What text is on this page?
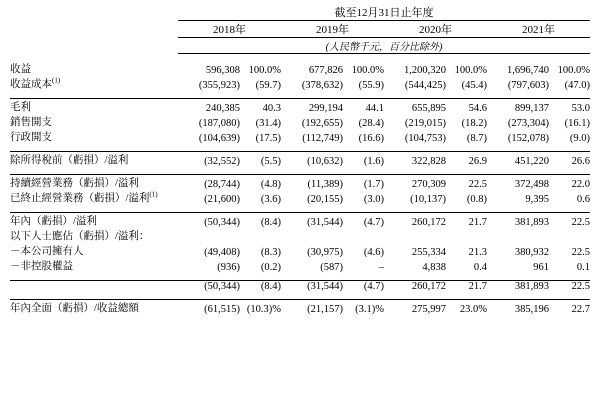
	截至12月31日止年度							
	2018年		2019年		2020年		2021年	
	(人民幣千元，百分比除外)							

收益	596,308	100.0%	677,826	100.0%	1,200,320	100.0%	1,696,740	100.0%
收益成本$^{(1)}$	(355,923)	(59.7)	(378,632)	(55.9)	(544,425)	(45.4)	(797,603)	(47.0)

毛利	240,385	40.3	299,194	44.1	655,895	54.6	899,137	53.0
銷售開支	(187,080)	(31.4)	(192,655)	(28.4)	(219,015)	(18.2)	(273,304)	(16.1)
行政開支	(104,639)	(17.5)	(112,749)	(16.6)	(104,753)	(8.7)	(152,078)	(9.0)

除所得稅前（虧損）/溢利	(32,552)	(5.5)	(10,632)	(1.6)	322,828	26.9	451,220	26.6

持續經營業務（虧損）/溢利	(28,744)	(4.8)	(11,389)	(1.7)	270,309	22.5	372,498	22.0
已終止經營業務（虧損）/溢利$^{(1)}$	(21,600)	(3.6)	(20,155)	(3.0)	(10,137)	(0.8)	9,395	0.6

年內（虧損）/溢利	(50,344)	(8.4)	(31,544)	(4.7)	260,172	21.7	381,893	22.5
以下人士應佔（虧損）/溢利：								
－本公司擁有人	(49,408)	(8.3)	(30,975)	(4.6)	255,334	21.3	380,932	22.5
－非控股權益	(936)	(0.2)	(587)	–	4,838	0.4	961	0.1

	(50,344)	(8.4)	(31,544)	(4.7)	260,172	21.7	381,893	22.5

年內全面（虧損）/收益總額	(61,515)	(10.3)%	(21,157)	(3.1)%	275,997	23.0%	385,196	22.7
